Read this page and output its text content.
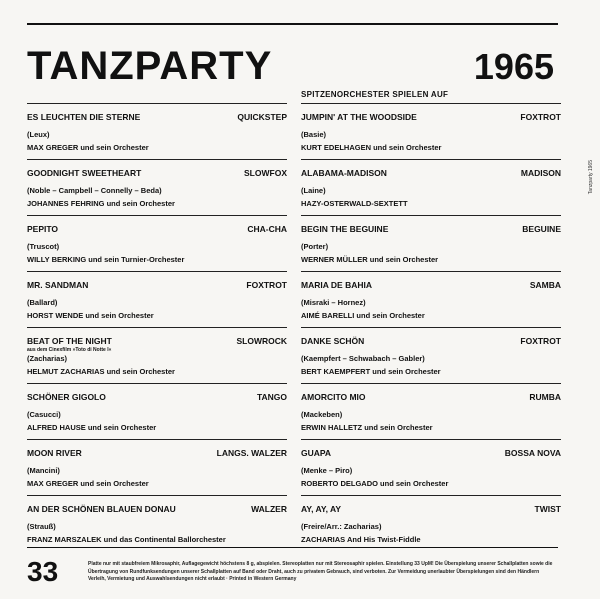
TANZPARTY	1965
SPITZENORCHESTER SPIELEN AUF
Tanzparty 1965
ES LEUCHTEN DIE STERNE	QUICKSTEP
(Leux)
MAX GREGER und sein Orchester
GOODNIGHT SWEETHEART	SLOWFOX
(Noble – Campbell – Connelly – Beda)
JOHANNES FEHRING und sein Orchester
PEPITO	CHA-CHA
(Truscot)
WILLY BERKING und sein Turnier-Orchester
MR. SANDMAN	FOXTROT
(Ballard)
HORST WENDE und sein Orchester
BEAT OF THE NIGHT	SLOWROCK
aus dem Cinexfilm »Toto di Notte I«
(Zacharias)
HELMUT ZACHARIAS und sein Orchester
SCHÖNER GIGOLO	TANGO
(Casucci)
ALFRED HAUSE und sein Orchester
MOON RIVER	LANGS. WALZER
(Mancini)
MAX GREGER und sein Orchester
AN DER SCHÖNEN BLAUEN DONAU	WALZER
(Strauß)
FRANZ MARSZALEK und das Continental Ballorchester
JUMPIN' AT THE WOODSIDE	FOXTROT
(Basie)
KURT EDELHAGEN und sein Orchester
ALABAMA-MADISON	MADISON
(Laine)
HAZY-OSTERWALD-SEXTETT
BEGIN THE BEGUINE	BEGUINE
(Porter)
WERNER MÜLLER und sein Orchester
MARIA DE BAHIA	SAMBA
(Misraki – Hornez)
AIMÉ BARELLI und sein Orchester
DANKE SCHÖN	FOXTROT
(Kaempfert – Schwabach – Gabler)
BERT KAEMPFERT und sein Orchester
AMORCITO MIO	RUMBA
(Mackeben)
ERWIN HALLETZ und sein Orchester
GUAPA	BOSSA NOVA
(Menke – Piro)
ROBERTO DELGADO und sein Orchester
AY, AY, AY	TWIST
(Freire/Arr.: Zacharias)
ZACHARIAS And His Twist-Fiddle
33	Platte nur mit staubfreiem Mikrosaphir, Auflagegewicht höchstens 8 g, abspielen. Stereoplatten nur mit Stereosaphir spielen. Einstellung 33 UpM! Die Überspielung unserer Schallplatten sowie die Übertragung von Rundfunksendungen unserer Schallplatten auf Band oder Draht, auch zu privatem Gebrauch, sind verboten. Zur Vermeidung unerlaubter Überspielungen sind den Händlern Verleih, Vermietung und Auswahlsendungen nicht erlaubt · Printed in Western Germany
